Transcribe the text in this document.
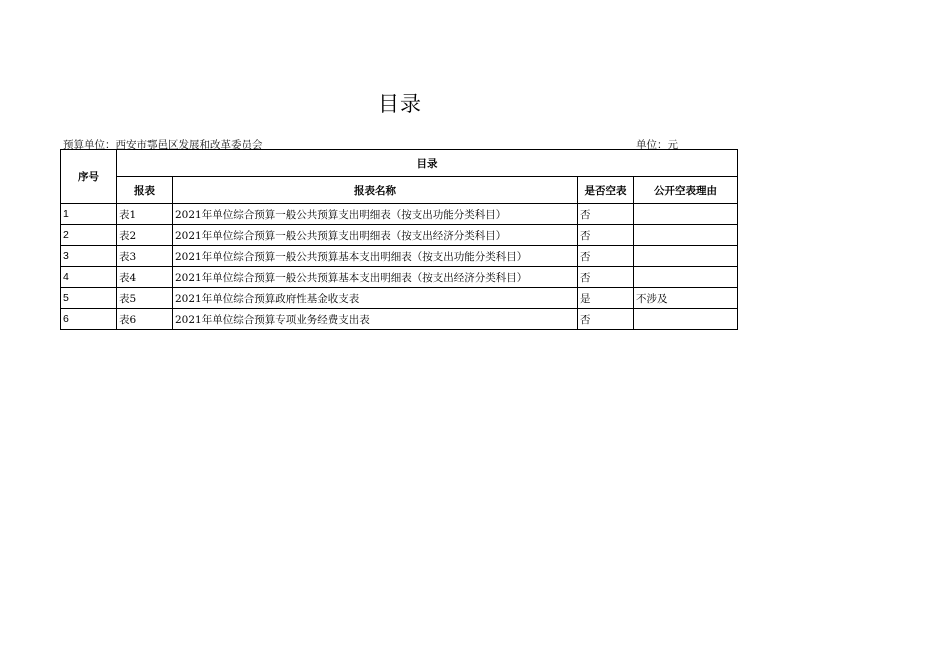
目录
预算单位：西安市鄠邑区发展和改革委员会	单位：元
序号	目录			
	报表	报表名称	是否空表	公开空表理由
1	表1	2021年单位综合预算一般公共预算支出明细表（按支出功能分类科目）	否	
2	表2	2021年单位综合预算一般公共预算支出明细表（按支出经济分类科目）	否	
3	表3	2021年单位综合预算一般公共预算基本支出明细表（按支出功能分类科目）	否	
4	表4	2021年单位综合预算一般公共预算基本支出明细表（按支出经济分类科目）	否	
5	表5	2021年单位综合预算政府性基金收支表	是	不涉及
6	表6	2021年单位综合预算专项业务经费支出表	否	
